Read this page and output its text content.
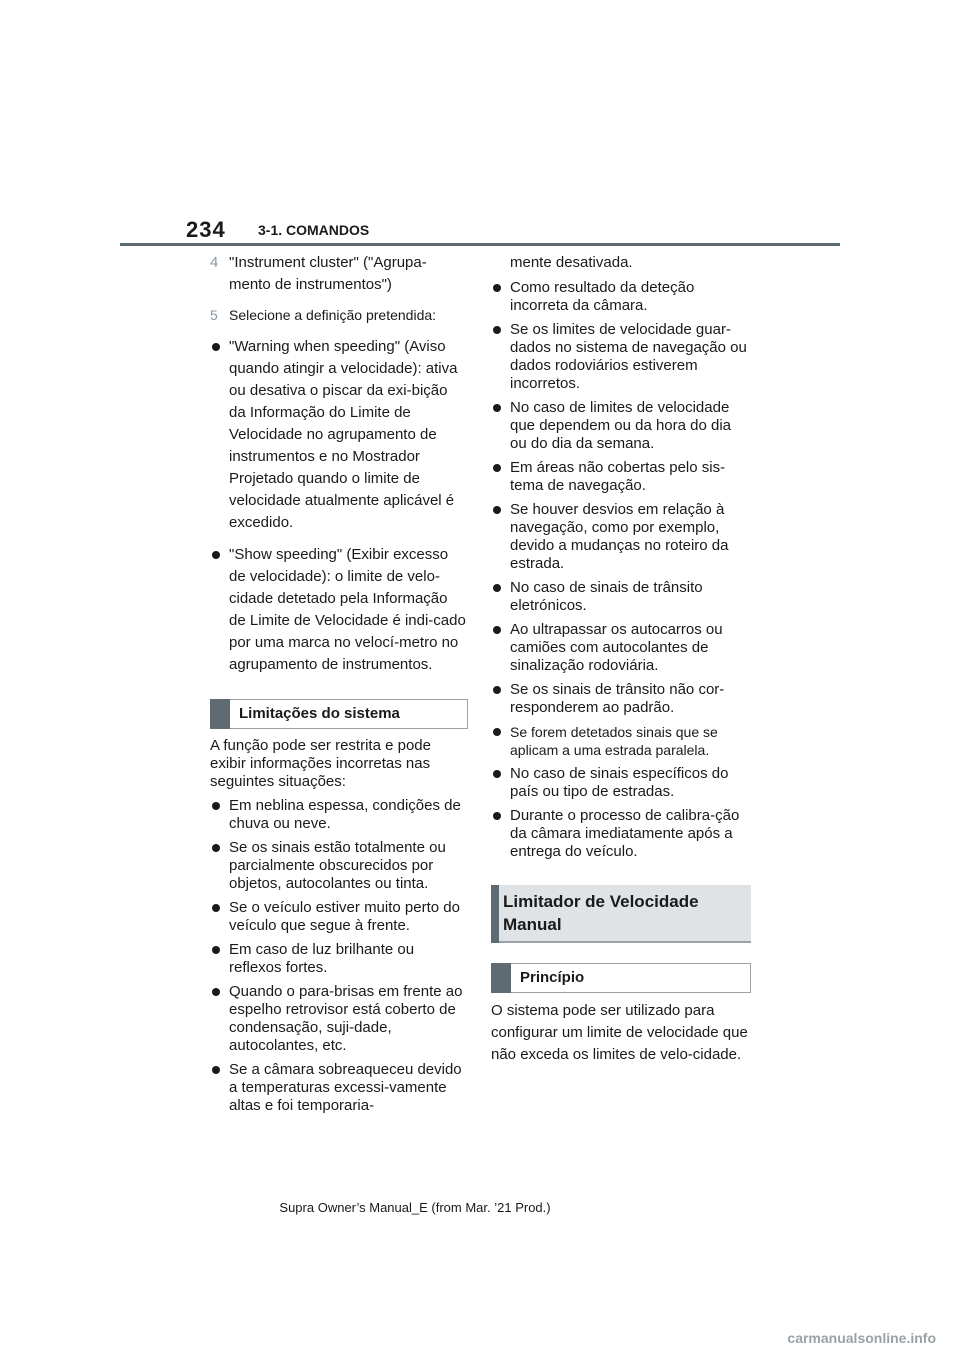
234 3-1. COMANDOS
4 "Instrument cluster" ("Agrupa-mento de instrumentos")
5 Selecione a definição pretendida:
"Warning when speeding" (Aviso quando atingir a velocidade): ativa ou desativa o piscar da exi-bição da Informação do Limite de Velocidade no agrupamento de instrumentos e no Mostrador Projetado quando o limite de velocidade atualmente aplicável é excedido.
"Show speeding" (Exibir excesso de velocidade): o limite de velo-cidade detetado pela Informação de Limite de Velocidade é indi-cado por uma marca no velocí-metro no agrupamento de instrumentos.
Limitações do sistema
A função pode ser restrita e pode exibir informações incorretas nas seguintes situações:
Em neblina espessa, condições de chuva ou neve.
Se os sinais estão totalmente ou parcialmente obscurecidos por objetos, autocolantes ou tinta.
Se o veículo estiver muito perto do veículo que segue à frente.
Em caso de luz brilhante ou reflexos fortes.
Quando o para-brisas em frente ao espelho retrovisor está coberto de condensação, suji-dade, autocolantes, etc.
Se a câmara sobreaqueceu devido a temperaturas excessi-vamente altas e foi temporaria-
mente desativada.
Como resultado da deteção incorreta da câmara.
Se os limites de velocidade guar-dados no sistema de navegação ou dados rodoviários estiverem incorretos.
No caso de limites de velocidade que dependem ou da hora do dia ou do dia da semana.
Em áreas não cobertas pelo sis-tema de navegação.
Se houver desvios em relação à navegação, como por exemplo, devido a mudanças no roteiro da estrada.
No caso de sinais de trânsito eletrónicos.
Ao ultrapassar os autocarros ou camiões com autocolantes de sinalização rodoviária.
Se os sinais de trânsito não cor-responderem ao padrão.
Se forem detetados sinais que se aplicam a uma estrada paralela.
No caso de sinais específicos do país ou tipo de estradas.
Durante o processo de calibra-ção da câmara imediatamente após a entrega do veículo.
Limitador de Velocidade Manual
Princípio
O sistema pode ser utilizado para configurar um limite de velocidade que não exceda os limites de velo-cidade.
Supra Owner’s Manual_E (from Mar. ’21 Prod.)
carmanualsonline.info
